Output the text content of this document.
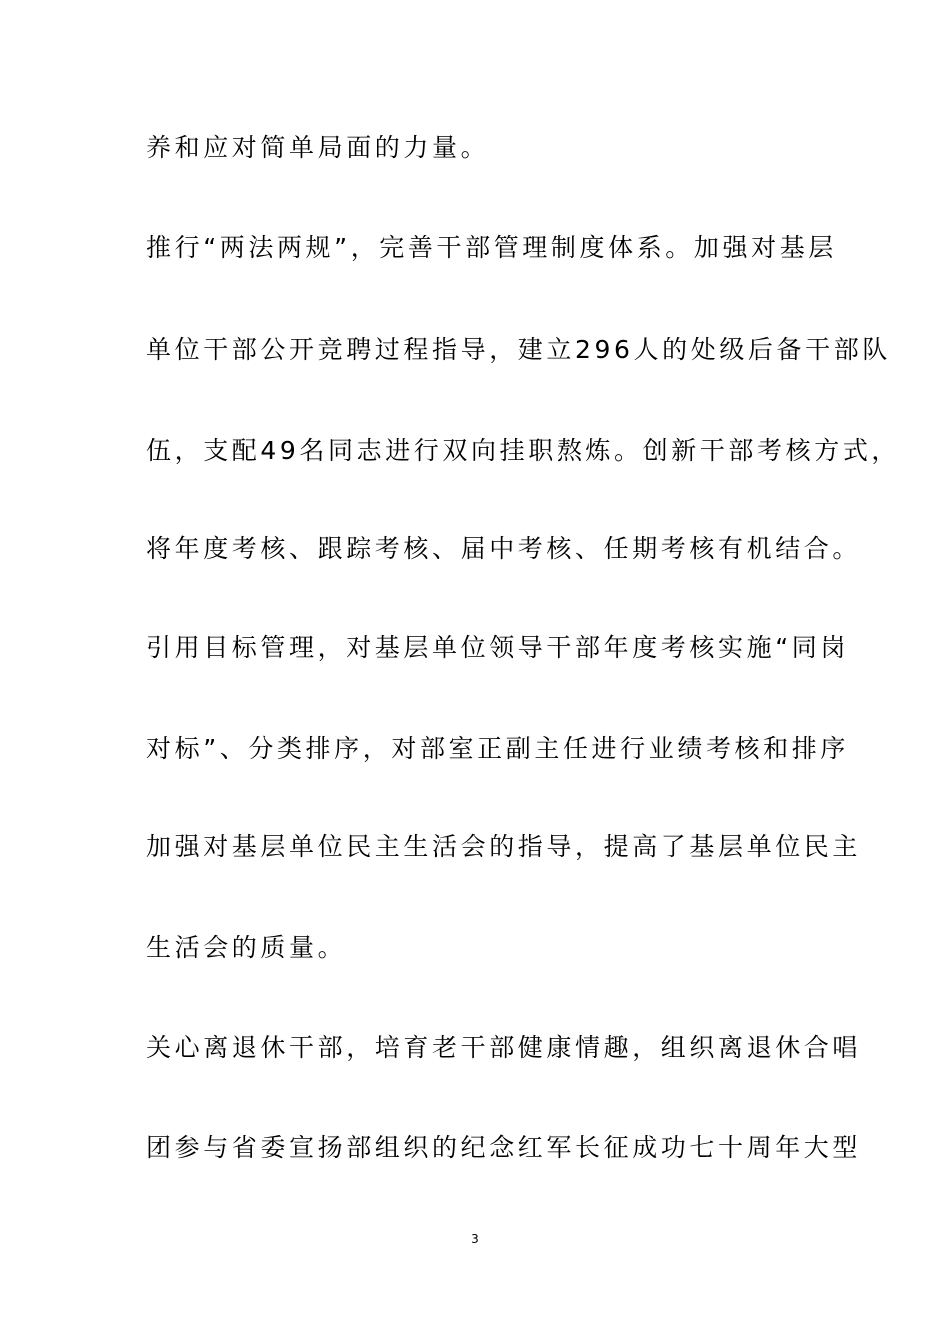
养和应对简单局面的力量。
推行“两法两规”，完善干部管理制度体系。加强对基层
单位干部公开竞聘过程指导，建立296人的处级后备干部队
伍，支配49名同志进行双向挂职熬炼。创新干部考核方式，
将年度考核、跟踪考核、届中考核、任期考核有机结合。
引用目标管理，对基层单位领导干部年度考核实施“同岗
对标”、分类排序，对部室正副主任进行业绩考核和排序
加强对基层单位民主生活会的指导，提高了基层单位民主
生活会的质量。
关心离退休干部，培育老干部健康情趣，组织离退休合唱
团参与省委宣扬部组织的纪念红军长征成功七十周年大型
3
